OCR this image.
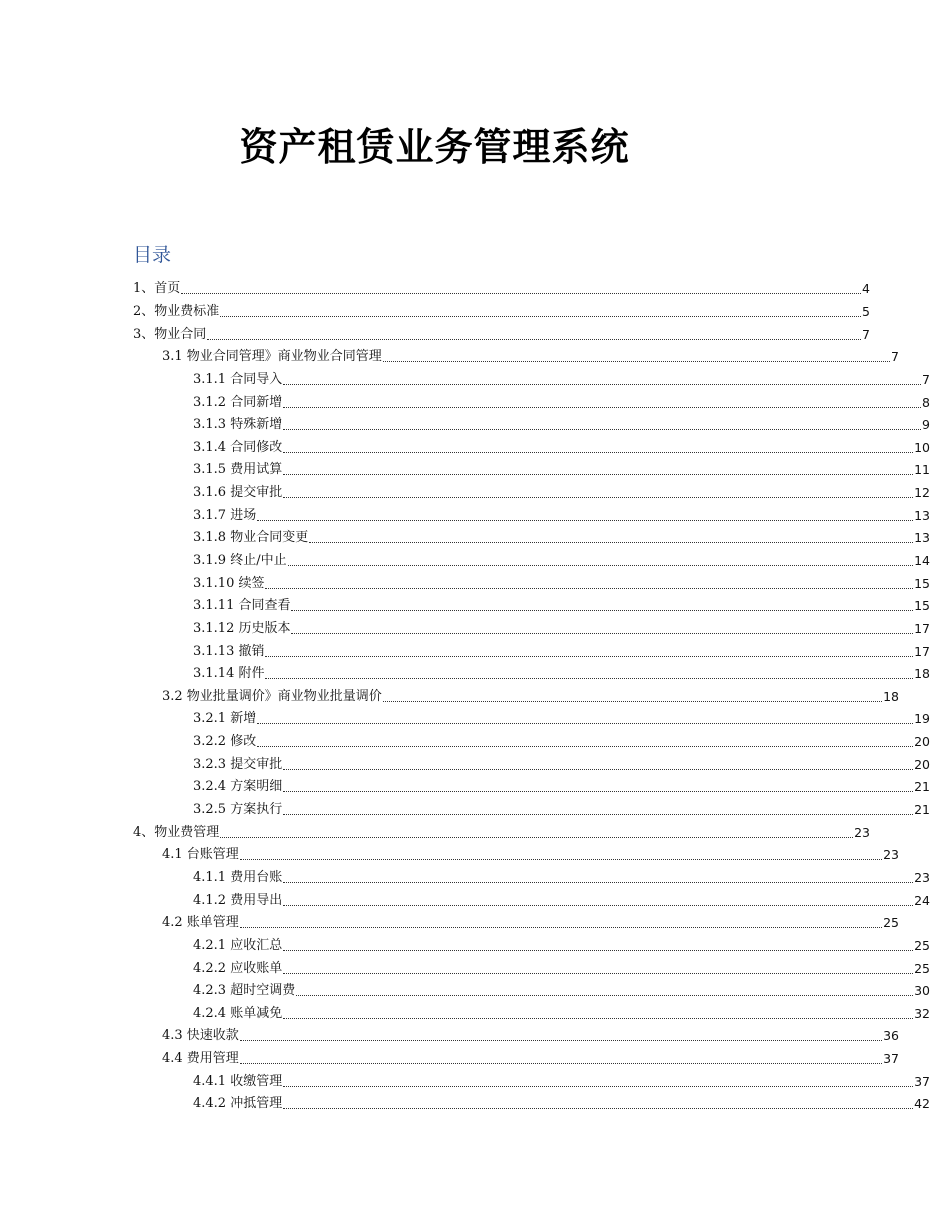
资产租赁业务管理系统
目录
1、首页	4
2、物业费标准	5
3、物业合同	7
3.1 物业合同管理》商业物业合同管理	7
3.1.1 合同导入	7
3.1.2 合同新增	8
3.1.3 特殊新增	9
3.1.4 合同修改	10
3.1.5 费用试算	11
3.1.6 提交审批	12
3.1.7 进场	13
3.1.8 物业合同变更	13
3.1.9 终止/中止	14
3.1.10 续签	15
3.1.11 合同查看	15
3.1.12 历史版本	17
3.1.13 撤销	17
3.1.14 附件	18
3.2 物业批量调价》商业物业批量调价	18
3.2.1 新增	19
3.2.2 修改	20
3.2.3 提交审批	20
3.2.4 方案明细	21
3.2.5 方案执行	21
4、物业费管理	23
4.1 台账管理	23
4.1.1 费用台账	23
4.1.2 费用导出	24
4.2 账单管理	25
4.2.1 应收汇总	25
4.2.2 应收账单	25
4.2.3 超时空调费	30
4.2.4 账单减免	32
4.3 快速收款	36
4.4 费用管理	37
4.4.1 收缴管理	37
4.4.2 冲抵管理	42
